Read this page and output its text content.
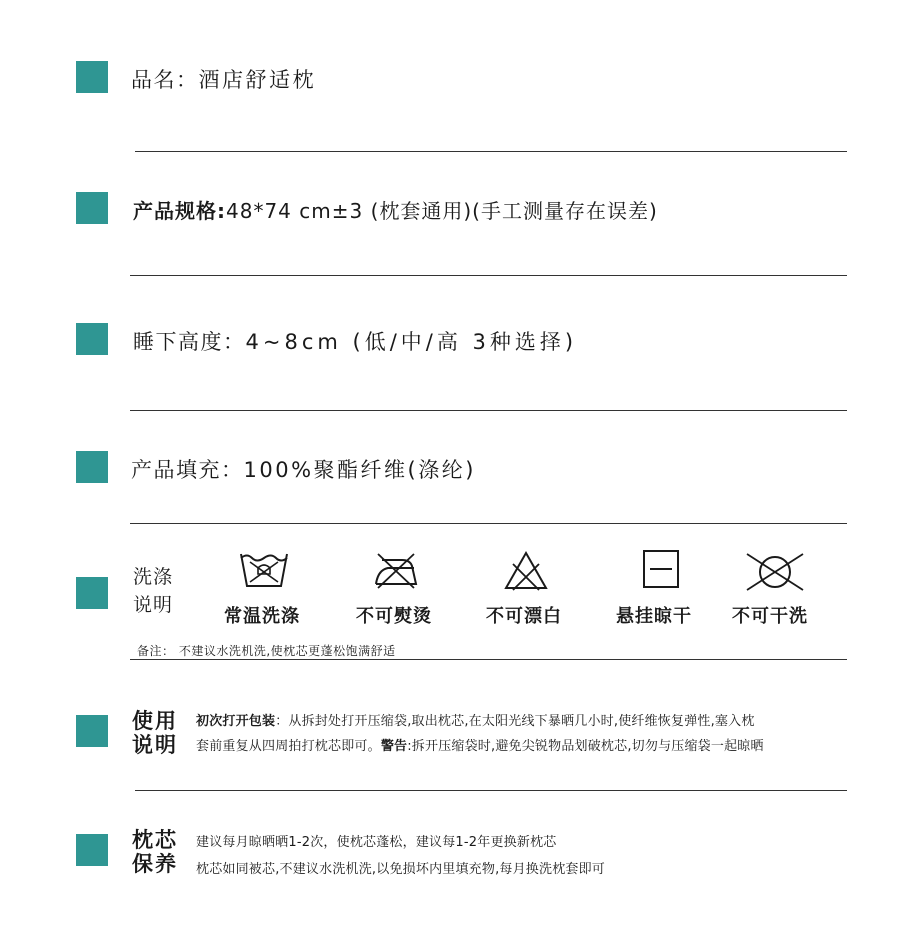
品名：酒店舒适枕
产品规格:48*74 cm±3 (枕套通用)(手工测量存在误差)
睡下高度：4~8cm (低/中/高 3种选择)
产品填充：100%聚酯纤维(涤纶)
洗涤
说明
常温洗涤	不可熨烫	不可漂白	悬挂晾干 不可干洗
备注： 不建议水洗机洗,使枕芯更蓬松饱满舒适
使用
说明
初次打开包装：从拆封处打开压缩袋,取出枕芯,在太阳光线下暴晒几小时,使纤维恢复弹性,塞入枕
套前重复从四周拍打枕芯即可。警告:拆开压缩袋时,避免尖锐物品划破枕芯,切勿与压缩袋一起晾晒
枕芯
保养
建议每月晾晒晒1-2次，使枕芯蓬松，建议每1-2年更换新枕芯
枕芯如同被芯,不建议水洗机洗,以免损坏内里填充物,每月换洗枕套即可
